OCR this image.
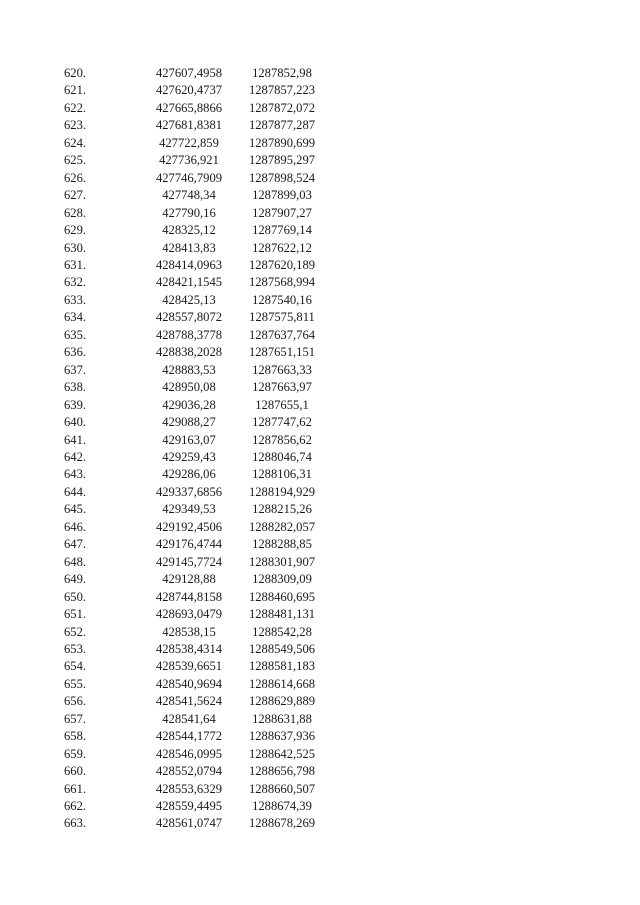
620.	427607,4958	1287852,98
621.	427620,4737	1287857,223
622.	427665,8866	1287872,072
623.	427681,8381	1287877,287
624.	427722,859	1287890,699
625.	427736,921	1287895,297
626.	427746,7909	1287898,524
627.	427748,34	1287899,03
628.	427790,16	1287907,27
629.	428325,12	1287769,14
630.	428413,83	1287622,12
631.	428414,0963	1287620,189
632.	428421,1545	1287568,994
633.	428425,13	1287540,16
634.	428557,8072	1287575,811
635.	428788,3778	1287637,764
636.	428838,2028	1287651,151
637.	428883,53	1287663,33
638.	428950,08	1287663,97
639.	429036,28	1287655,1
640.	429088,27	1287747,62
641.	429163,07	1287856,62
642.	429259,43	1288046,74
643.	429286,06	1288106,31
644.	429337,6856	1288194,929
645.	429349,53	1288215,26
646.	429192,4506	1288282,057
647.	429176,4744	1288288,85
648.	429145,7724	1288301,907
649.	429128,88	1288309,09
650.	428744,8158	1288460,695
651.	428693,0479	1288481,131
652.	428538,15	1288542,28
653.	428538,4314	1288549,506
654.	428539,6651	1288581,183
655.	428540,9694	1288614,668
656.	428541,5624	1288629,889
657.	428541,64	1288631,88
658.	428544,1772	1288637,936
659.	428546,0995	1288642,525
660.	428552,0794	1288656,798
661.	428553,6329	1288660,507
662.	428559,4495	1288674,39
663.	428561,0747	1288678,269
